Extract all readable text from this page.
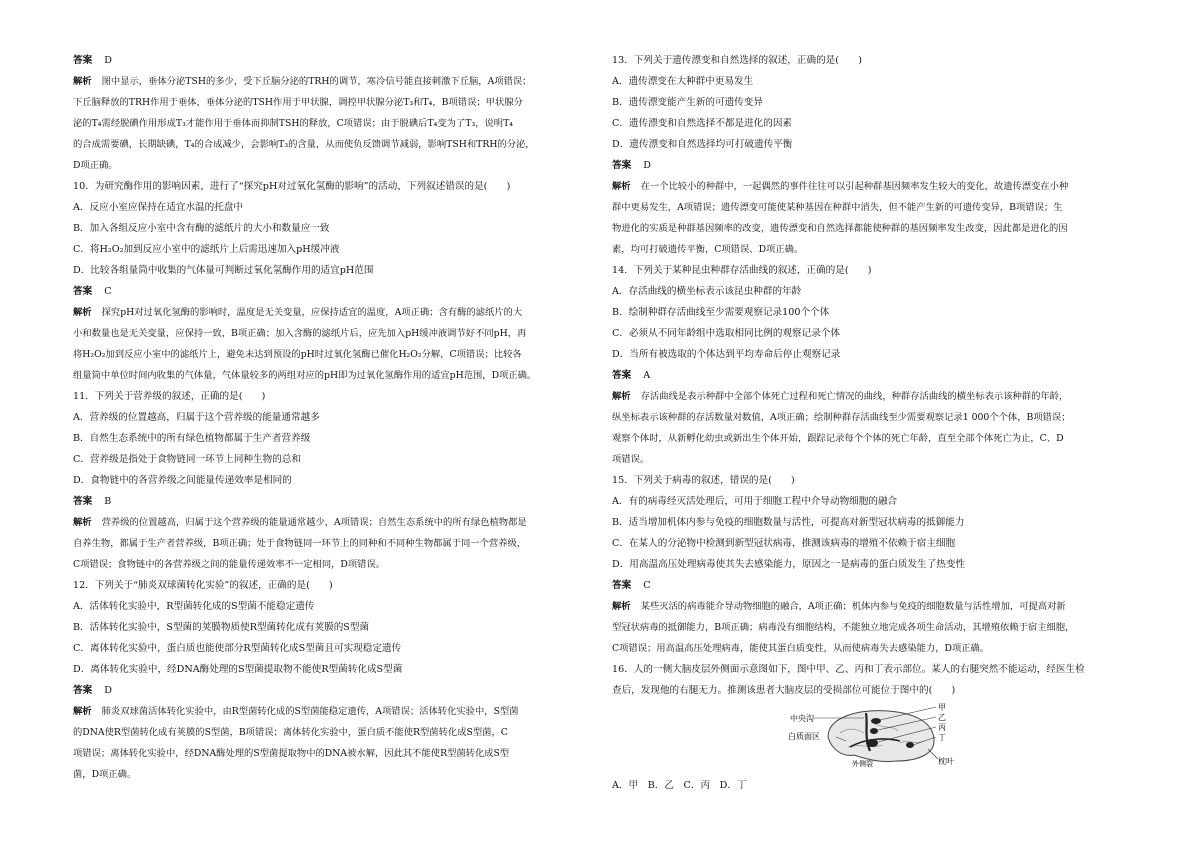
答案 D
解析 图中显示，垂体分泌TSH的多少，受下丘脑分泌的TRH的调节，寒冷信号能直接刺激下丘脑，A项错误；
下丘脑释放的TRH作用于垂体，垂体分泌的TSH作用于甲状腺，调控甲状腺分泌T₃和T₄，B项错误；甲状腺分
泌的T₄需经脱碘作用形成T₃才能作用于垂体而抑制TSH的释放，C项错误；由于脱碘后T₄变为了T₃，说明T₄
的合成需要碘，长期缺碘，T₄的合成减少，会影响T₃的含量，从而使负反馈调节减弱，影响TSH和TRH的分泌，
D项正确。
10．为研究酶作用的影响因素，进行了“探究pH对过氧化氢酶的影响”的活动，下列叙述错误的是(　　)
A．反应小室应保持在适宜水温的托盘中
B．加入各组反应小室中含有酶的滤纸片的大小和数量应一致
C．将H₂O₂加到反应小室中的滤纸片上后需迅速加入pH缓冲液
D．比较各组量筒中收集的气体量可判断过氧化氢酶作用的适宜pH范围
答案 C
解析 探究pH对过氧化氢酶的影响时，温度是无关变量，应保持适宜的温度，A项正确；含有酶的滤纸片的大
小和数量也是无关变量，应保持一致，B项正确；加入含酶的滤纸片后，应先加入pH缓冲液调节好不同pH，再
将H₂O₂加到反应小室中的滤纸片上，避免未达到预设的pH时过氧化氢酶已催化H₂O₂分解，C项错误；比较各
组量筒中单位时间内收集的气体量，气体量较多的两组对应的pH即为过氧化氢酶作用的适宜pH范围，D项正确。
11．下列关于营养级的叙述，正确的是(　　)
A．营养级的位置越高，归属于这个营养级的能量通常越多
B．自然生态系统中的所有绿色植物都属于生产者营养级
C．营养级是指处于食物链同一环节上同种生物的总和
D．食物链中的各营养级之间能量传递效率是相同的
答案 B
解析 营养级的位置越高，归属于这个营养级的能量通常越少，A项错误；自然生态系统中的所有绿色植物都是
自养生物，都属于生产者营养级，B项正确；处于食物链同一环节上的同种和不同种生物都属于同一个营养级，
C项错误；食物链中的各营养级之间的能量传递效率不一定相同，D项错误。
12．下列关于“肺炎双球菌转化实验”的叙述，正确的是(　　)
A．活体转化实验中，R型菌转化成的S型菌不能稳定遗传
B．活体转化实验中，S型菌的荚膜物质使R型菌转化成有荚膜的S型菌
C．离体转化实验中，蛋白质也能使部分R型菌转化成S型菌且可实现稳定遗传
D．离体转化实验中，经DNA酶处理的S型菌提取物不能使R型菌转化成S型菌
答案 D
解析 肺炎双球菌活体转化实验中，由R型菌转化成的S型菌能稳定遗传，A项错误；活体转化实验中，S型菌
的DNA使R型菌转化成有荚膜的S型菌，B项错误；离体转化实验中，蛋白质不能使R型菌转化成S型菌，C
项错误；离体转化实验中，经DNA酶处理的S型菌提取物中的DNA被水解，因此其不能使R型菌转化成S型
菌，D项正确。
13．下列关于遗传漂变和自然选择的叙述，正确的是(　　)
A．遗传漂变在大种群中更易发生
B．遗传漂变能产生新的可遗传变异
C．遗传漂变和自然选择不都是进化的因素
D．遗传漂变和自然选择均可打破遗传平衡
答案 D
解析 在一个比较小的种群中，一起偶然的事件往往可以引起种群基因频率发生较大的变化，故遗传漂变在小种
群中更易发生，A项错误；遗传漂变可能使某种基因在种群中消失，但不能产生新的可遗传变异，B项错误；生
物进化的实质是种群基因频率的改变，遗传漂变和自然选择都能使种群的基因频率发生改变，因此都是进化的因
素，均可打破遗传平衡，C项错误、D项正确。
14．下列关于某种昆虫种群存活曲线的叙述，正确的是(　　)
A．存活曲线的横坐标表示该昆虫种群的年龄
B．绘制种群存活曲线至少需要观察记录100个个体
C．必须从不同年龄组中选取相同比例的观察记录个体
D．当所有被选取的个体达到平均寿命后停止观察记录
答案 A
解析 存活曲线是表示种群中全部个体死亡过程和死亡情况的曲线，种群存活曲线的横坐标表示该种群的年龄，
纵坐标表示该种群的存活数量对数值，A项正确；绘制种群存活曲线至少需要观察记录1 000个个体，B项错误；
观察个体时，从新孵化幼虫或新出生个体开始，跟踪记录每个个体的死亡年龄，直至全部个体死亡为止，C、D
项错误。
15．下列关于病毒的叙述，错误的是(　　)
A．有的病毒经灭活处理后，可用于细胞工程中介导动物细胞的融合
B．适当增加机体内参与免疫的细胞数量与活性，可提高对新型冠状病毒的抵御能力
C．在某人的分泌物中检测到新型冠状病毒，推测该病毒的增殖不依赖于宿主细胞
D．用高温高压处理病毒使其失去感染能力，原因之一是病毒的蛋白质发生了热变性
答案 C
解析 某些灭活的病毒能介导动物细胞的融合，A项正确；机体内参与免疫的细胞数量与活性增加，可提高对新
型冠状病毒的抵御能力，B项正确；病毒没有细胞结构，不能独立地完成各项生命活动，其增殖依赖于宿主细胞，
C项错误；用高温高压处理病毒，能使其蛋白质变性，从而使病毒失去感染能力，D项正确。
16．人的一侧大脑皮层外侧面示意图如下，图中甲、乙、丙和丁表示部位。某人的右腿突然不能运动，经医生检
查后，发现他的右腿无力。推测该患者大脑皮层的受损部位可能位于图中的(　　)
中央沟
白质面区
外侧裂
甲
乙
丙
丁
枕叶
A．甲　B．乙　C．丙　D．丁
